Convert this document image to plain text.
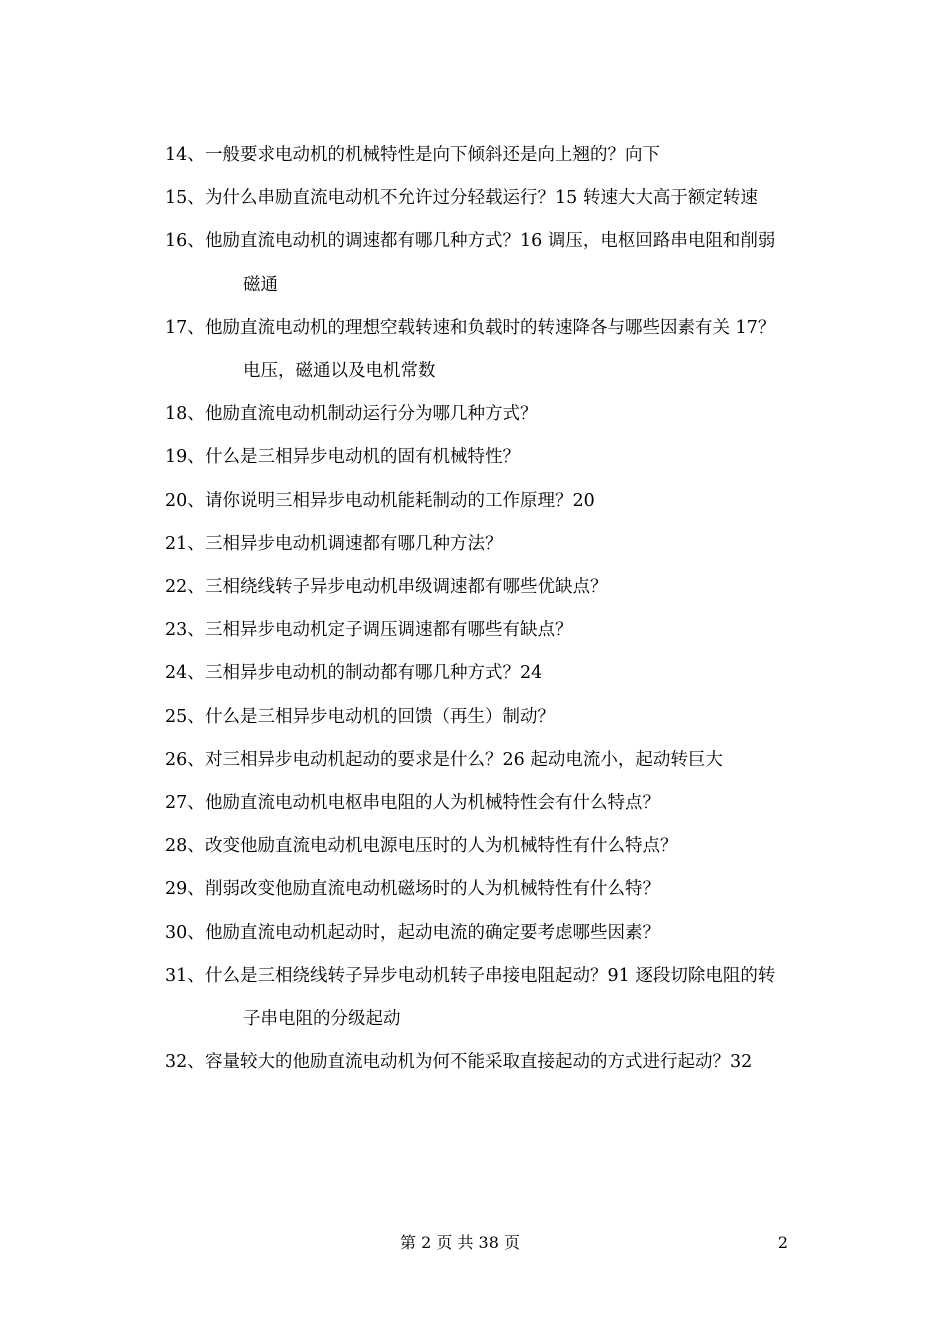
14、 一般要求电动机的机械特性是向下倾斜还是向上翘的？向下
15、 为什么串励直流电动机不允许过分轻载运行？15 转速大大高于额定转速
16、 他励直流电动机的调速都有哪几种方式？16 调压，电枢回路串电阻和削弱磁通
17、 他励直流电动机的理想空载转速和负载时的转速降各与哪些因素有关 17？电压，磁通以及电机常数
18、 他励直流电动机制动运行分为哪几种方式？
19、 什么是三相异步电动机的固有机械特性？
20、 请你说明三相异步电动机能耗制动的工作原理？20
21、 三相异步电动机调速都有哪几种方法？
22、 三相绕线转子异步电动机串级调速都有哪些优缺点？
23、 三相异步电动机定子调压调速都有哪些有缺点？
24、 三相异步电动机的制动都有哪几种方式？24
25、 什么是三相异步电动机的回馈（再生）制动？
26、 对三相异步电动机起动的要求是什么？26 起动电流小，起动转巨大
27、 他励直流电动机电枢串电阻的人为机械特性会有什么特点？
28、 改变他励直流电动机电源电压时的人为机械特性有什么特点？
29、 削弱改变他励直流电动机磁场时的人为机械特性有什么特？
30、 他励直流电动机起动时，起动电流的确定要考虑哪些因素？
31、 什么是三相绕线转子异步电动机转子串接电阻起动？91 逐段切除电阻的转子串电阻的分级起动
32、 容量较大的他励直流电动机为何不能采取直接起动的方式进行起动？32
第 2 页 共 38 页	2
